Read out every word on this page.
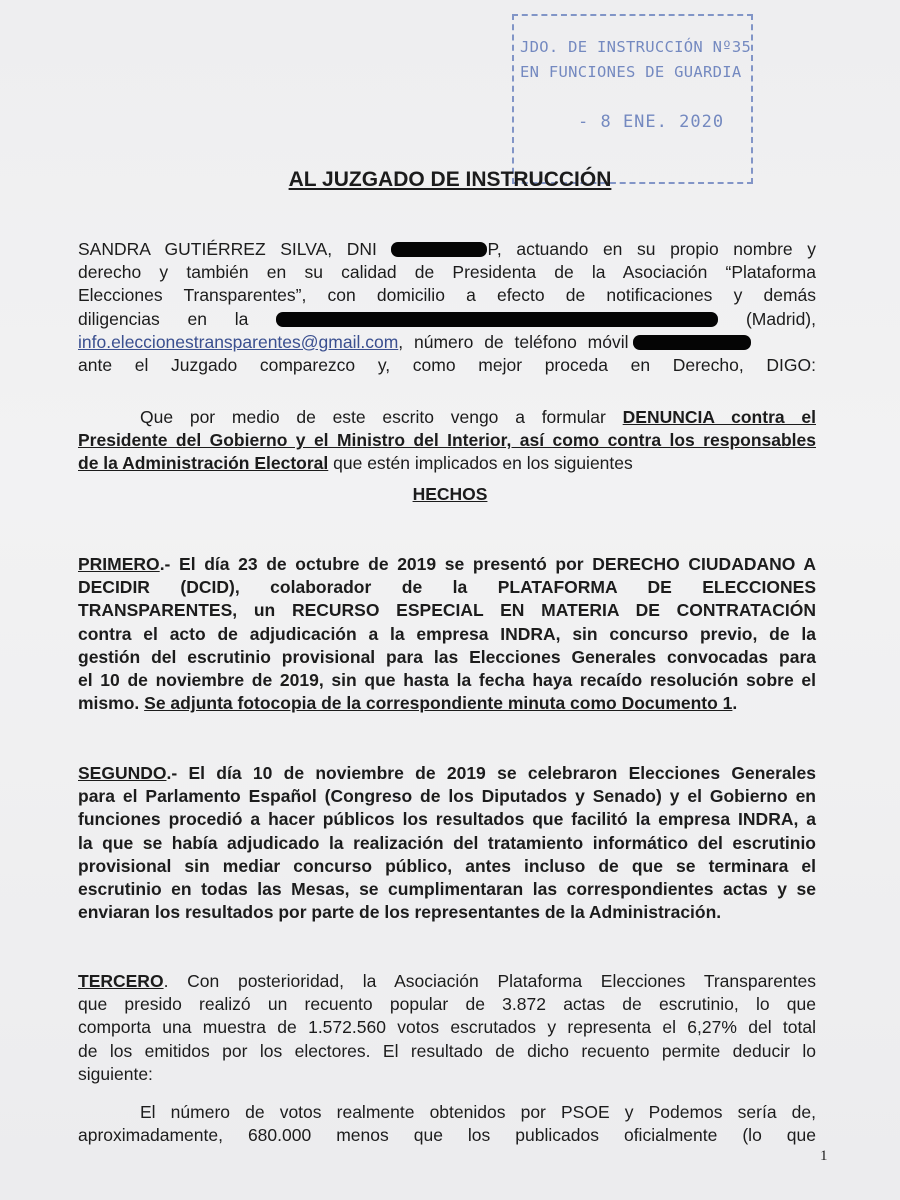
JDO. DE INSTRUCCIÓN Nº35
EN FUNCIONES DE GUARDIA
- 8 ENE. 2020
AL JUZGADO DE INSTRUCCIÓN
SANDRA GUTIÉRREZ SILVA, DNI	P, actuando en su propio nombre y
derecho y también en su calidad de Presidenta de la Asociación “Plataforma
Elecciones Transparentes”, con domicilio a efecto de notificaciones y demás
diligencias en la	(Madrid),
info.eleccionestransparentes@gmail.com, número de teléfono móvil
ante el Juzgado comparezco y, como mejor proceda en Derecho, DIGO:
Que por medio de este escrito vengo a formular DENUNCIA contra el
Presidente del Gobierno y el Ministro del Interior, así como contra los responsables
de la Administración Electoral que estén implicados en los siguientes
HECHOS
PRIMERO.- El día 23 de octubre de 2019 se presentó por DERECHO CIUDADANO A
DECIDIR (DCID), colaborador de la PLATAFORMA DE ELECCIONES
TRANSPARENTES, un RECURSO ESPECIAL EN MATERIA DE CONTRATACIÓN
contra el acto de adjudicación a la empresa INDRA, sin concurso previo, de la
gestión del escrutinio provisional para las Elecciones Generales convocadas para
el 10 de noviembre de 2019, sin que hasta la fecha haya recaído resolución sobre el
mismo. Se adjunta fotocopia de la correspondiente minuta como Documento 1.
SEGUNDO.- El día 10 de noviembre de 2019 se celebraron Elecciones Generales
para el Parlamento Español (Congreso de los Diputados y Senado) y el Gobierno en
funciones procedió a hacer públicos los resultados que facilitó la empresa INDRA, a
la que se había adjudicado la realización del tratamiento informático del escrutinio
provisional sin mediar concurso público, antes incluso de que se terminara el
escrutinio en todas las Mesas, se cumplimentaran las correspondientes actas y se
enviaran los resultados por parte de los representantes de la Administración.
TERCERO. Con posterioridad, la Asociación Plataforma Elecciones Transparentes
que presido realizó un recuento popular de 3.872 actas de escrutinio, lo que
comporta una muestra de 1.572.560 votos escrutados y representa el 6,27% del total
de los emitidos por los electores. El resultado de dicho recuento permite deducir lo
siguiente:
El número de votos realmente obtenidos por PSOE y Podemos sería de,
aproximadamente, 680.000 menos que los publicados oficialmente (lo que
1
